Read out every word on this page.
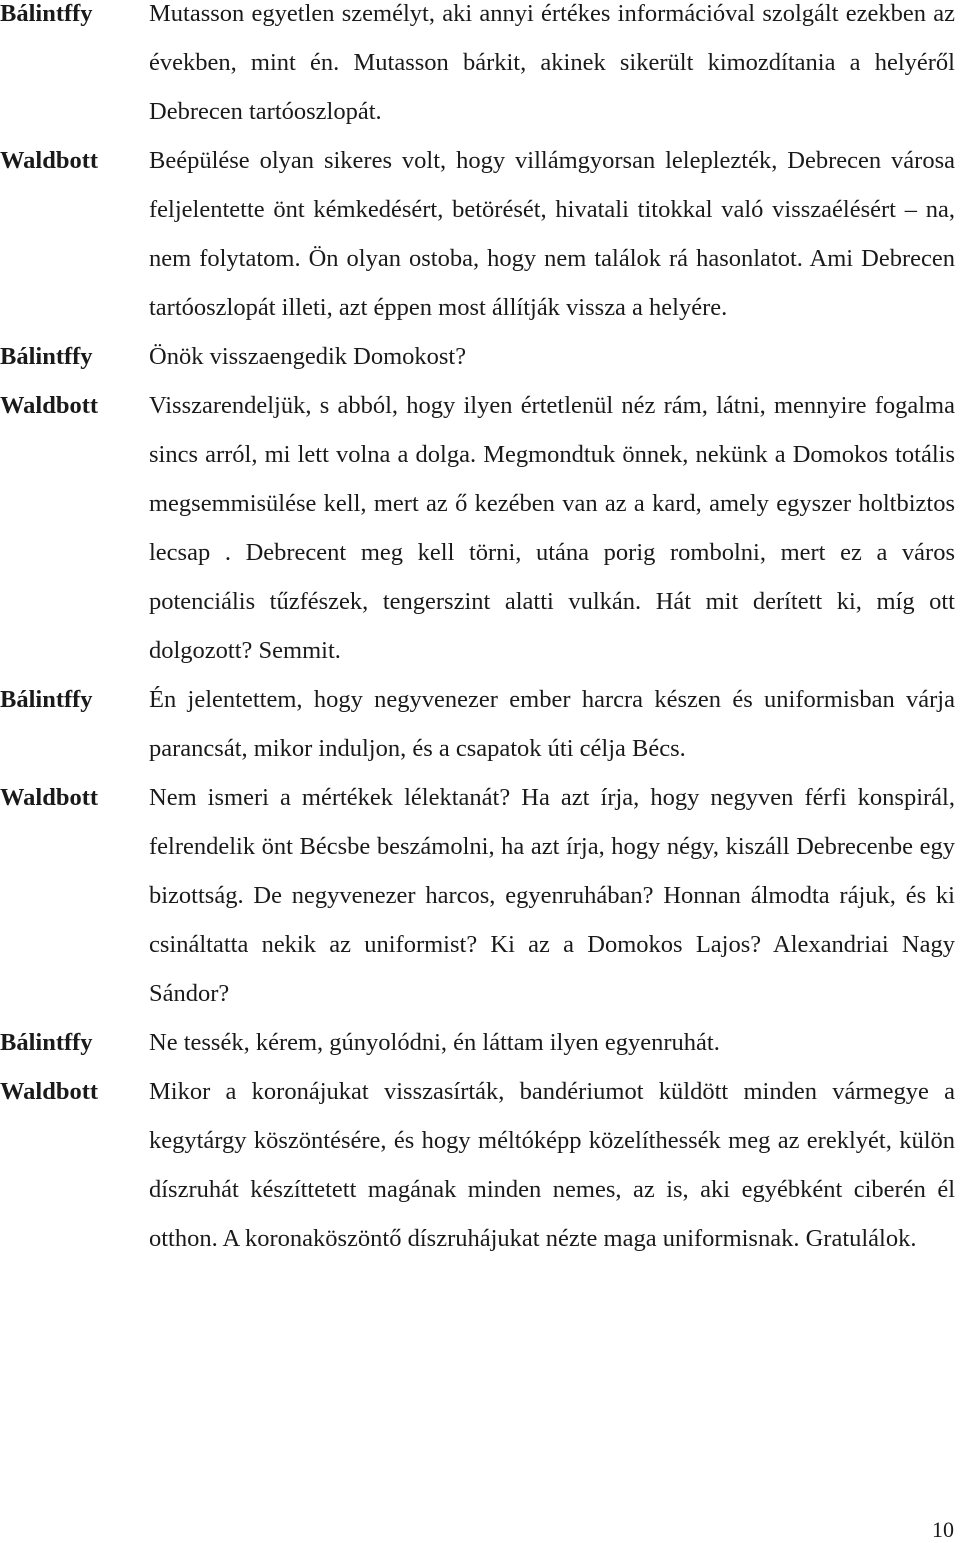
Bálintffy	Mutasson egyetlen személyt, aki annyi értékes információval szolgált ezekben az években, mint én. Mutasson bárkit, akinek sikerült kimozdítania a helyéről Debrecen tartóoszlopát.
Waldbott	Beépülése olyan sikeres volt, hogy villámgyorsan leleplezték, Debrecen városa feljelentette önt kémkedésért, betörését, hivatali titokkal való visszaélésért – na, nem folytatom. Ön olyan ostoba, hogy nem találok rá hasonlatot. Ami Debrecen tartóoszlopát illeti, azt éppen most állítják vissza a helyére.
Bálintffy	Önök visszaengedik Domokost?
Waldbott	Visszarendeljük, s abból, hogy ilyen értetlenül néz rám, látni, mennyire fogalma sincs arról, mi lett volna a dolga. Megmondtuk önnek, nekünk a Domokos totális megsemmisülése kell, mert az ő kezében van az a kard, amely egyszer holtbiztos lecsap . Debrecent meg kell törni, utána porig rombolni, mert ez a város potenciális tűzfészek, tengerszint alatti vulkán. Hát mit derített ki, míg ott dolgozott? Semmit.
Bálintffy	Én jelentettem, hogy negyvenezer ember harcra készen és uniformisban várja parancsát, mikor induljon, és a csapatok úti célja Bécs.
Waldbott	Nem ismeri a mértékek lélektanát? Ha azt írja, hogy negyven férfi konspirál, felrendelik önt Bécsbe beszámolni, ha azt írja, hogy négy, kiszáll Debrecenbe egy bizottság. De negyvenezer harcos, egyenruhában? Honnan álmodta rájuk, és ki csináltatta nekik az uniformist? Ki az a Domokos Lajos? Alexandriai Nagy Sándor?
Bálintffy	Ne tessék, kérem, gúnyolódni, én láttam ilyen egyenruhát.
Waldbott	Mikor a koronájukat visszasírták, bandériumot küldött minden vármegye a kegytárgy köszöntésére, és hogy méltóképp közelíthessék meg az ereklyét, külön díszruhát készíttetett magának minden nemes, az is, aki egyébként ciberén él otthon. A koronaköszöntő díszruhájukat nézte maga uniformisnak. Gratulálok.
10
